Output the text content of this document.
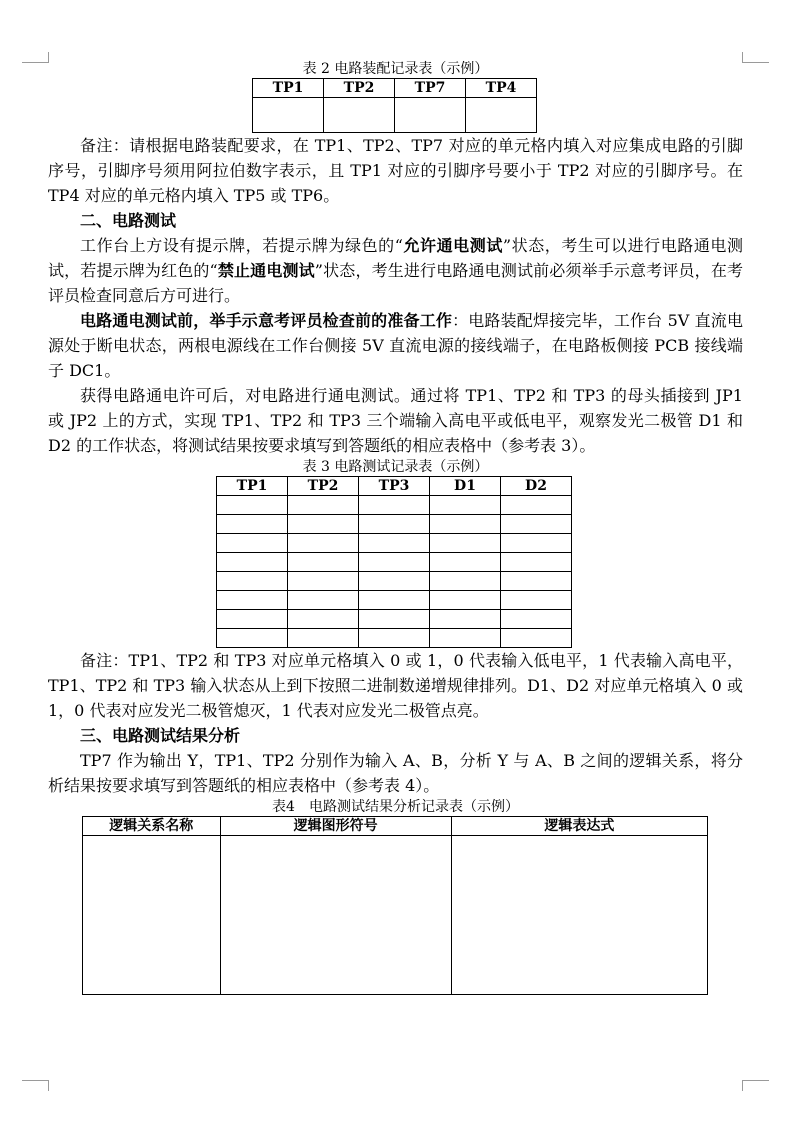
表 2 电路装配记录表（示例）

TP1	TP2	TP7	TP4

备注：请根据电路装配要求，在 TP1、TP2、TP7 对应的单元格内填入对应集成电路的引脚序号，引脚序号须用阿拉伯数字表示，且 TP1 对应的引脚序号要小于 TP2 对应的引脚序号。在 TP4 对应的单元格内填入 TP5 或 TP6。

二、电路测试

工作台上方设有提示牌，若提示牌为绿色的“允许通电测试”状态，考生可以进行电路通电测试，若提示牌为红色的“禁止通电测试”状态，考生进行电路通电测试前必须举手示意考评员，在考评员检查同意后方可进行。

电路通电测试前，举手示意考评员检查前的准备工作：电路装配焊接完毕，工作台 5V 直流电源处于断电状态，两根电源线在工作台侧接 5V 直流电源的接线端子，在电路板侧接 PCB 接线端子 DC1。

获得电路通电许可后，对电路进行通电测试。通过将 TP1、TP2 和 TP3 的母头插接到 JP1 或 JP2 上的方式，实现 TP1、TP2 和 TP3 三个端输入高电平或低电平，观察发光二极管 D1 和 D2 的工作状态，将测试结果按要求填写到答题纸的相应表格中（参考表 3）。

表 3 电路测试记录表（示例）

TP1	TP2	TP3	D1	D2

备注：TP1、TP2 和 TP3 对应单元格填入 0 或 1，0 代表输入低电平，1 代表输入高电平，TP1、TP2 和 TP3 输入状态从上到下按照二进制数递增规律排列。D1、D2 对应单元格填入 0 或 1，0 代表对应发光二极管熄灭，1 代表对应发光二极管点亮。

三、电路测试结果分析

TP7 作为输出 Y，TP1、TP2 分别作为输入 A、B，分析 Y 与 A、B 之间的逻辑关系，将分析结果按要求填写到答题纸的相应表格中（参考表 4）。

表4　电路测试结果分析记录表（示例）

逻辑关系名称	逻辑图形符号	逻辑表达式
